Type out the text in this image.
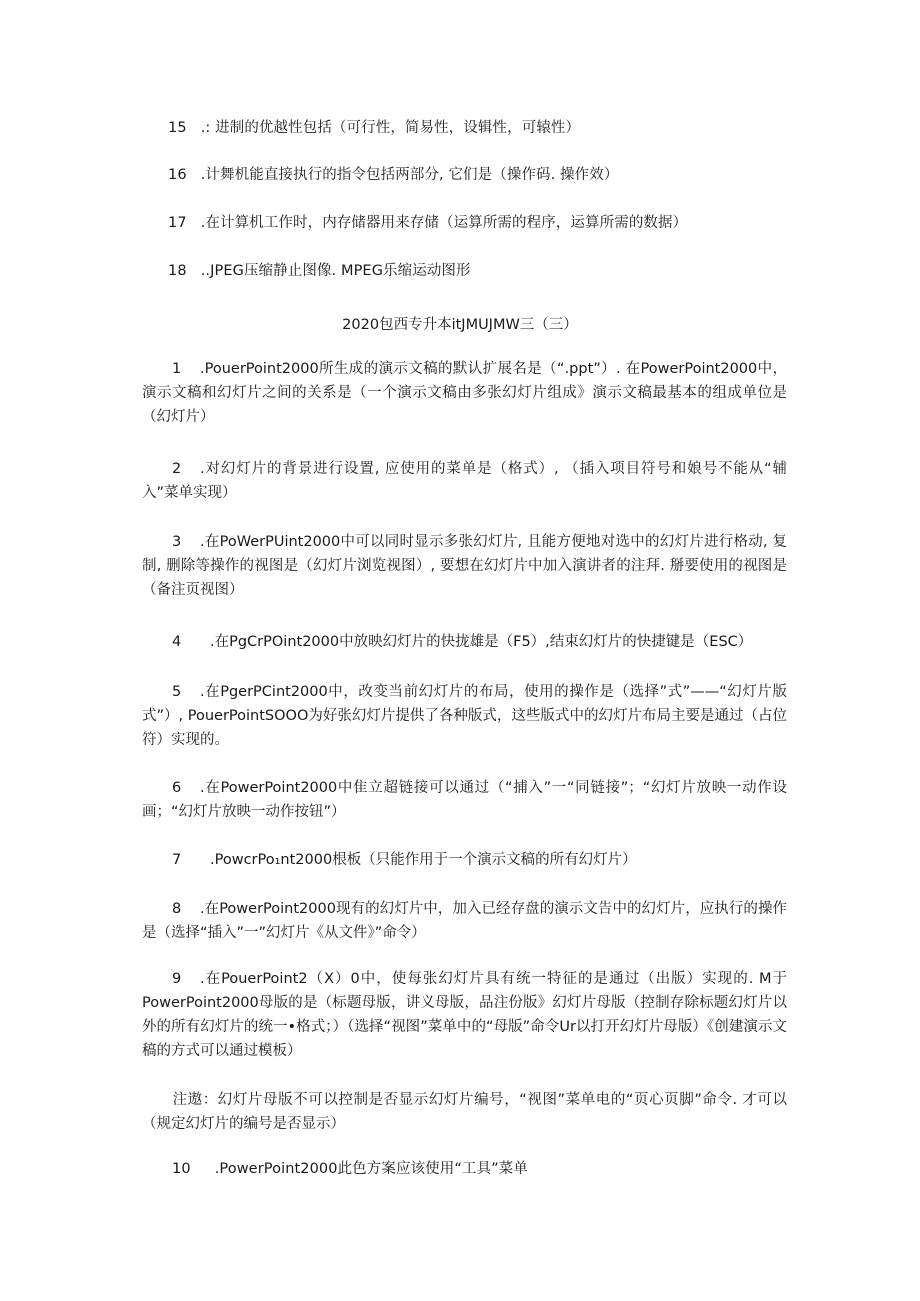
15 .: 进制的优越性包括（可行性，简易性，设辑性，可辕性）
16 .计舞机能直接执行的指令包括两部分, 它们是（操作码. 操作效）
17 .在计算机工作时，内存储器用来存储（运算所需的程序，运算所需的数据）
18 ..JPEG压缩静止图像. MPEG乐缩运动图形
2020包西专升本itJMUJMW三（三）
1 .PouerPoint2000所生成的演示文稿的默认扩展名是（“.ppt”）. 在PowerPoint2000中，演示文稿和幻灯片之间的关系是（一个演示文稿由多张幻灯片组成》演示文稿最基本的组成单位是（幻灯片）
2 .对幻灯片的背景进行设置, 应使用的菜单是（格式）, （插入项目符号和娘号不能从“辅入”菜单实现）
3 .在PoWerPUint2000中可以同时显示多张幻灯片, 且能方便地对选中的幻灯片进行格动, 复制, 删除等操作的视图是（幻灯片浏览视图）, 要想在幻灯片中加入演讲者的注拜. 掰要使用的视图是（备注页视图）
4 .在PgCrPOint2000中放映幻灯片的快拢雄是（F5）,结束幻灯片的快捷键是（ESC）
5 .在PgerPCint2000中，改变当前幻灯片的布局，使用的操作是（选择”式”——“幻灯片版式”）, PouerPointSOOO为好张幻灯片提供了各种版式，这些版式中的幻灯片布局主要是通过（占位符）实现的。
6 .在PowerPoint2000中隹立超链接可以通过（“捕入”一“同链接”；“幻灯片放映一动作设画；“幻灯片放映一动作按钮”）
7 .PowcrPo₁nt2000根板（只能作用于一个演示文稿的所有幻灯片）
8 .在PowerPoint2000现有的幻灯片中，加入已经存盘的演示文告中的幻灯片，应执行的操作是（选择“插入”一”幻灯片《从文件》”命令）
9 .在PouerPoint2（X）0中，使每张幻灯片具有统一特征的是通过（出版）实现的. M于PowerPoint2000母版的是（标题母版，讲义母版，品注份版》幻灯片母版（控制存除标题幻灯片以外的所有幻灯片的统一•格式；）（选择“视图”菜单中的“母版”命令Ur以打开幻灯片母版）《创建演示文稿的方式可以通过模板）
注遨：幻灯片母版不可以控制是否显示幻灯片编号，“视图”菜单电的“页心页脚”命令. 才可以（规定幻灯片的编号是否显示）
10 .PowerPoint2000此色方案应该使用“工具”菜单
